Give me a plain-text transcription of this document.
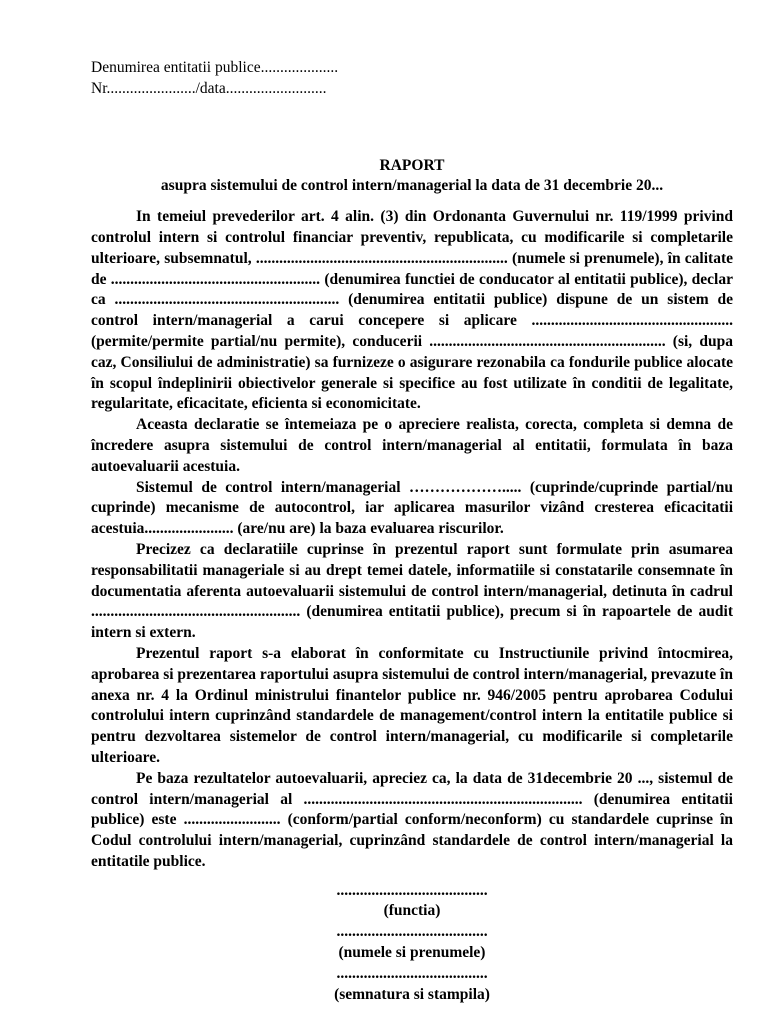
Denumirea entitatii publice....................
Nr......................./data..........................
RAPORT
asupra sistemului de control intern/managerial la data de 31 decembrie 20...

In temeiul prevederilor art. 4 alin. (3) din Ordonanta Guvernului nr. 119/1999 privind controlul intern si controlul financiar preventiv, republicata, cu modificarile si completarile ulterioare, subsemnatul, ................................................................. (numele si prenumele), în calitate de ...................................................... (denumirea functiei de conducator al entitatii publice), declar ca .......................................................... (denumirea entitatii publice) dispune de un sistem de control intern/managerial a carui concepere si aplicare .................................................... (permite/permite partial/nu permite), conducerii ............................................................. (si, dupa caz, Consiliului de administratie) sa furnizeze o asigurare rezonabila ca fondurile publice alocate în scopul îndeplinirii obiectivelor generale si specifice au fost utilizate în conditii de legalitate, regularitate, eficacitate, eficienta si economicitate.

Aceasta declaratie se întemeiaza pe o apreciere realista, corecta, completa si demna de încredere asupra sistemului de control intern/managerial al entitatii, formulata în baza autoevaluarii acestuia.

Sistemul de control intern/managerial ………………..... (cuprinde/cuprinde partial/nu cuprinde) mecanisme de autocontrol, iar aplicarea masurilor vizând cresterea eficacitatii acestuia....................... (are/nu are) la baza evaluarea riscurilor.

Precizez ca declaratiile cuprinse în prezentul raport sunt formulate prin asumarea responsabilitatii manageriale si au drept temei datele, informatiile si constatarile consemnate în documentatia aferenta autoevaluarii sistemului de control intern/managerial, detinuta în cadrul ...................................................... (denumirea entitatii publice), precum si în rapoartele de audit intern si extern.

Prezentul raport s-a elaborat în conformitate cu Instructiunile privind întocmirea, aprobarea si prezentarea raportului asupra sistemului de control intern/managerial, prevazute în anexa nr. 4 la Ordinul ministrului finantelor publice nr. 946/2005 pentru aprobarea Codului controlului intern cuprinzând standardele de management/control intern la entitatile publice si pentru dezvoltarea sistemelor de control intern/managerial, cu modificarile si completarile ulterioare.

Pe baza rezultatelor autoevaluarii, apreciez ca, la data de 31decembrie 20 ..., sistemul de control intern/managerial al ........................................................................ (denumirea entitatii publice) este ......................... (conform/partial conform/neconform) cu standardele cuprinse în Codul controlului intern/managerial, cuprinzând standardele de control intern/managerial la entitatile publice.

.......................................
(functia)
.......................................
(numele si prenumele)
.......................................
(semnatura si stampila)
